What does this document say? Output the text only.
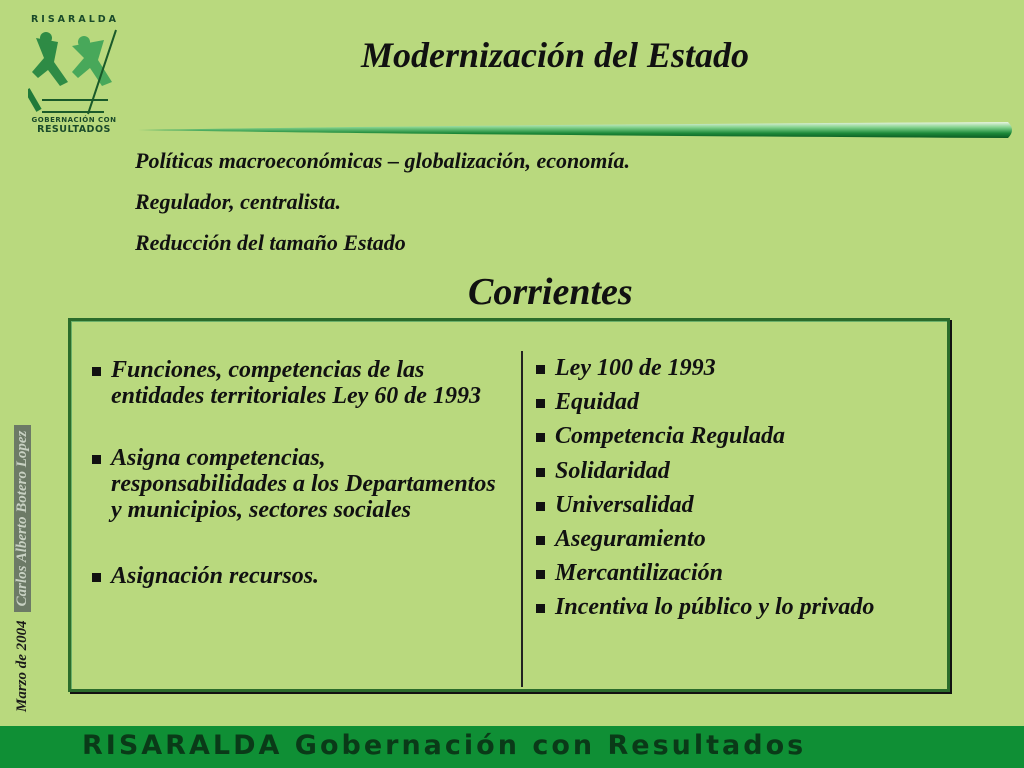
RISARALDA
GOBERNACIÓN CON
RESULTADOS
Modernización del Estado
Políticas macroeconómicas – globalización, economía.
Regulador, centralista.
Reducción del tamaño Estado
Corrientes
Funciones, competencias de las entidades territoriales Ley 60 de 1993
Asigna competencias, responsabilidades a los Departamentos y municipios, sectores sociales
Asignación recursos.
Ley 100 de 1993
Equidad
Competencia Regulada
Solidaridad
Universalidad
Aseguramiento
Mercantilización
Incentiva lo público y lo privado
Marzo de 2004Carlos Alberto Botero Lopez
RISARALDA Gobernación con Resultados
